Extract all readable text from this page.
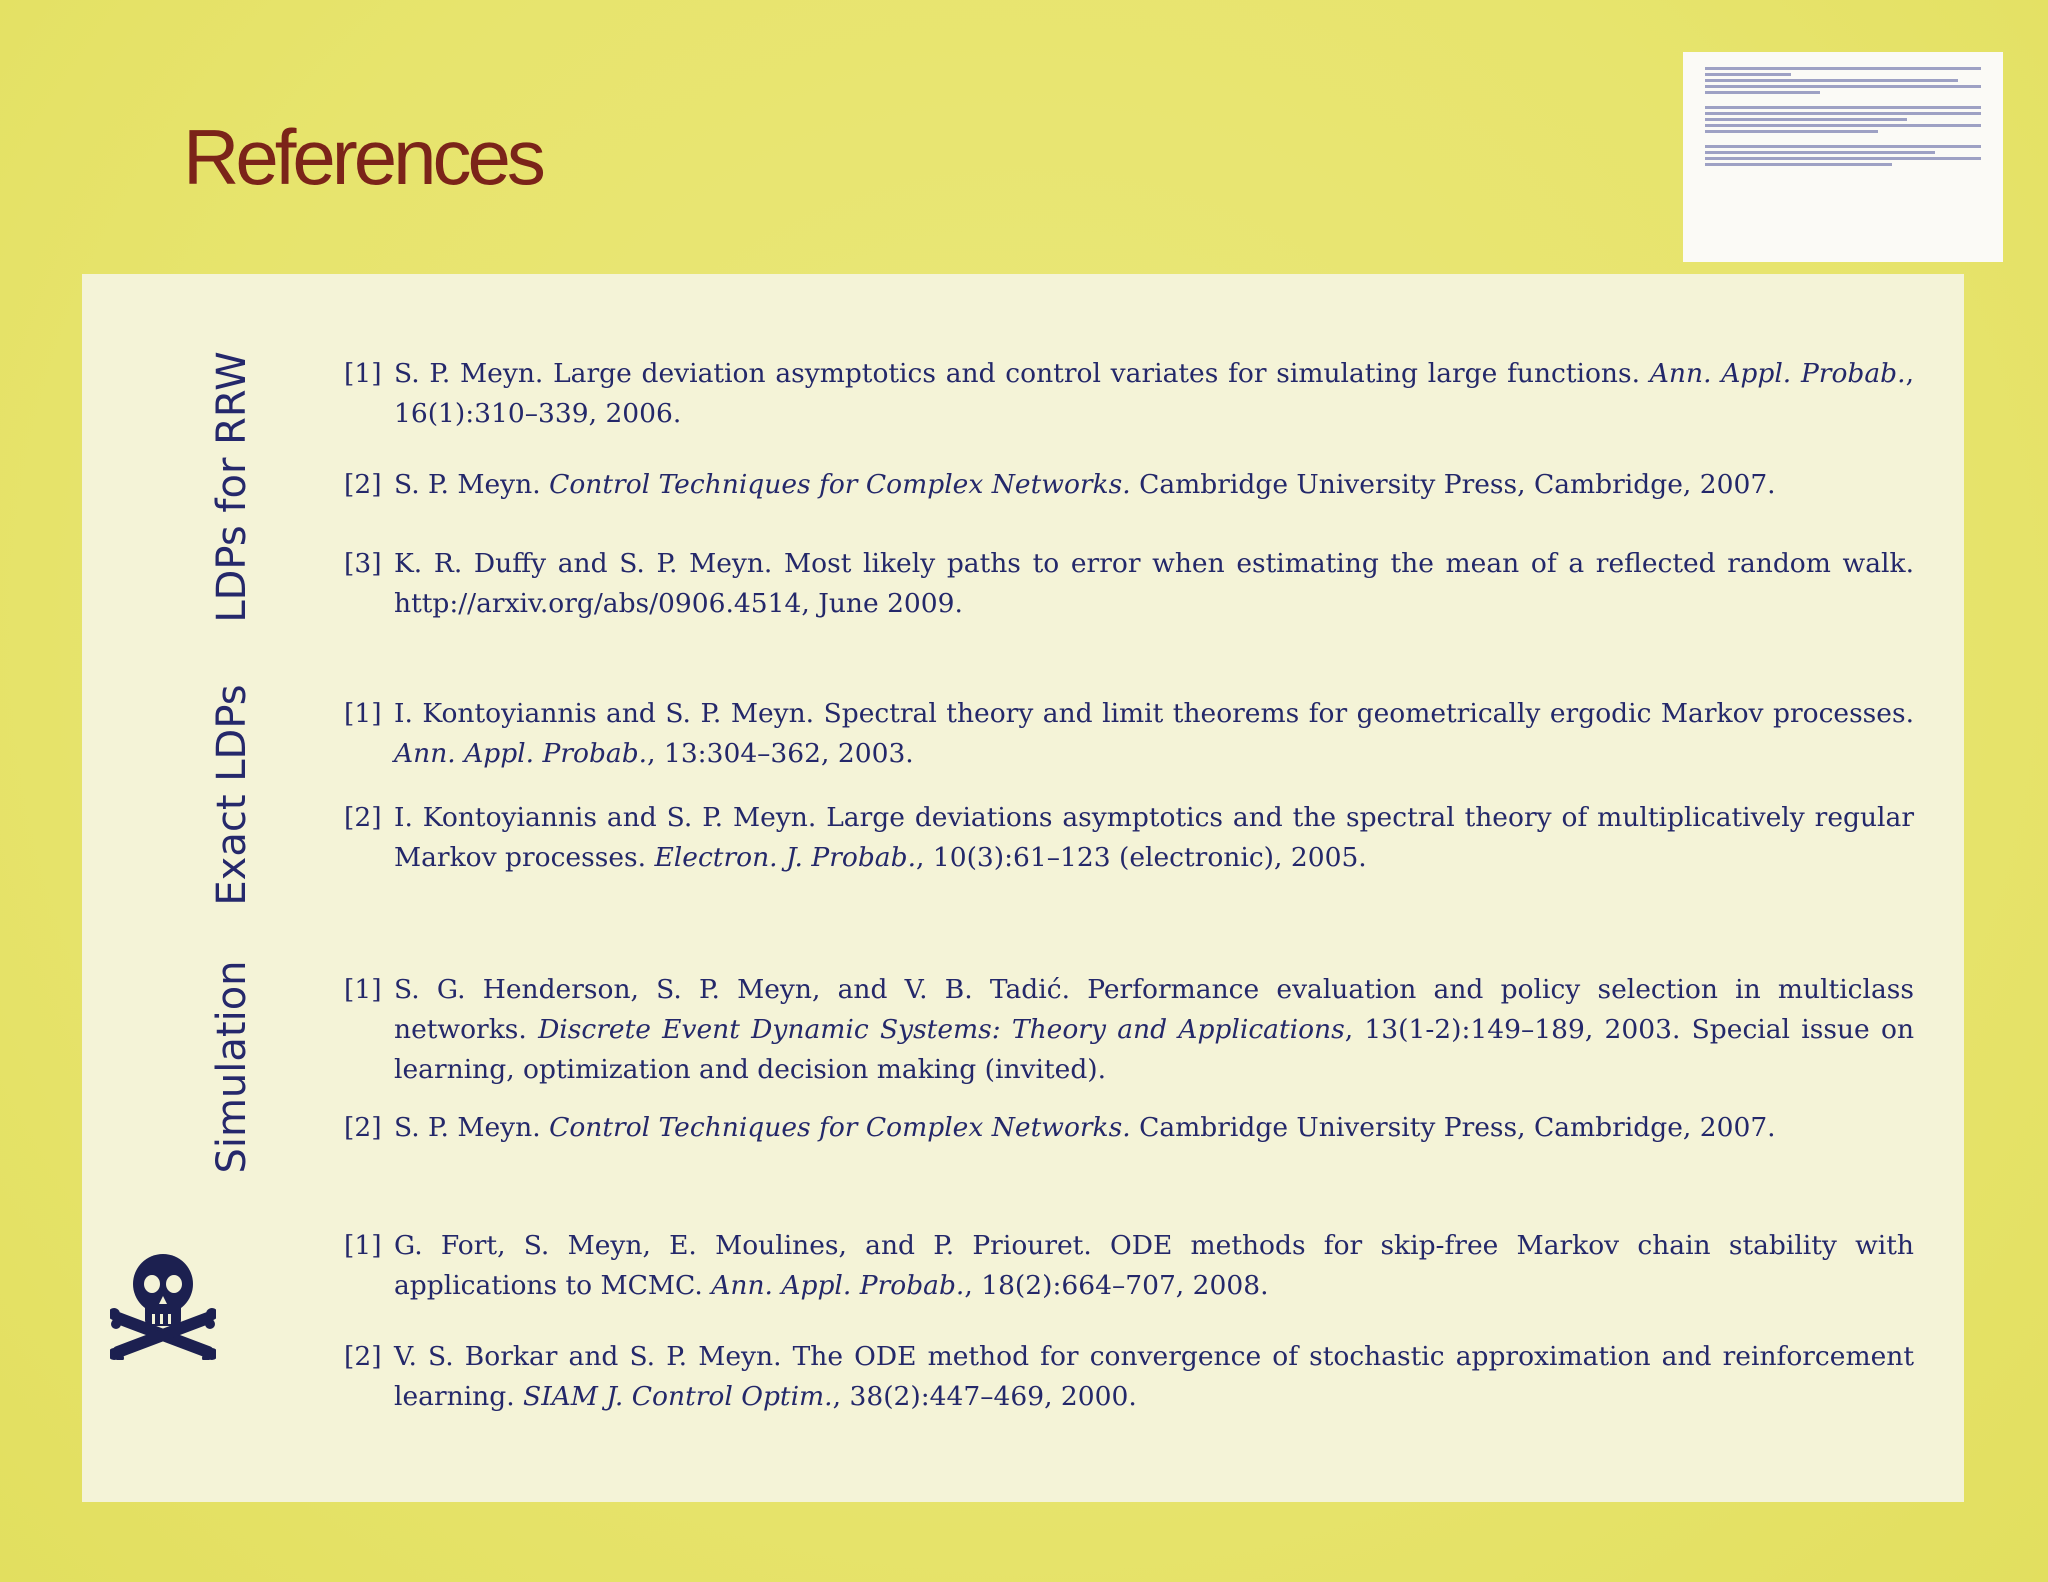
References
LDPs for RRW
Exact LDPs
Simulation
[1] S. P. Meyn. Large deviation asymptotics and control variates for simulating large functions. Ann. Appl. Probab., 16(1):310–339, 2006.
[2] S. P. Meyn. Control Techniques for Complex Networks. Cambridge University Press, Cambridge, 2007.
[3] K. R. Duffy and S. P. Meyn. Most likely paths to error when estimating the mean of a reflected random walk. http://arxiv.org/abs/0906.4514, June 2009.
[1] I. Kontoyiannis and S. P. Meyn. Spectral theory and limit theorems for geometrically ergodic Markov processes. Ann. Appl. Probab., 13:304–362, 2003.
[2] I. Kontoyiannis and S. P. Meyn. Large deviations asymptotics and the spectral theory of multiplicatively regular Markov processes. Electron. J. Probab., 10(3):61–123 (electronic), 2005.
[1] S. G. Henderson, S. P. Meyn, and V. B. Tadić. Performance evaluation and policy selection in multiclass networks. Discrete Event Dynamic Systems: Theory and Applications, 13(1-2):149–189, 2003. Special issue on learning, optimization and decision making (invited).
[2] S. P. Meyn. Control Techniques for Complex Networks. Cambridge University Press, Cambridge, 2007.
[1] G. Fort, S. Meyn, E. Moulines, and P. Priouret. ODE methods for skip-free Markov chain stability with applications to MCMC. Ann. Appl. Probab., 18(2):664–707, 2008.
[2] V. S. Borkar and S. P. Meyn. The ODE method for convergence of stochastic approximation and reinforcement learning. SIAM J. Control Optim., 38(2):447–469, 2000.
